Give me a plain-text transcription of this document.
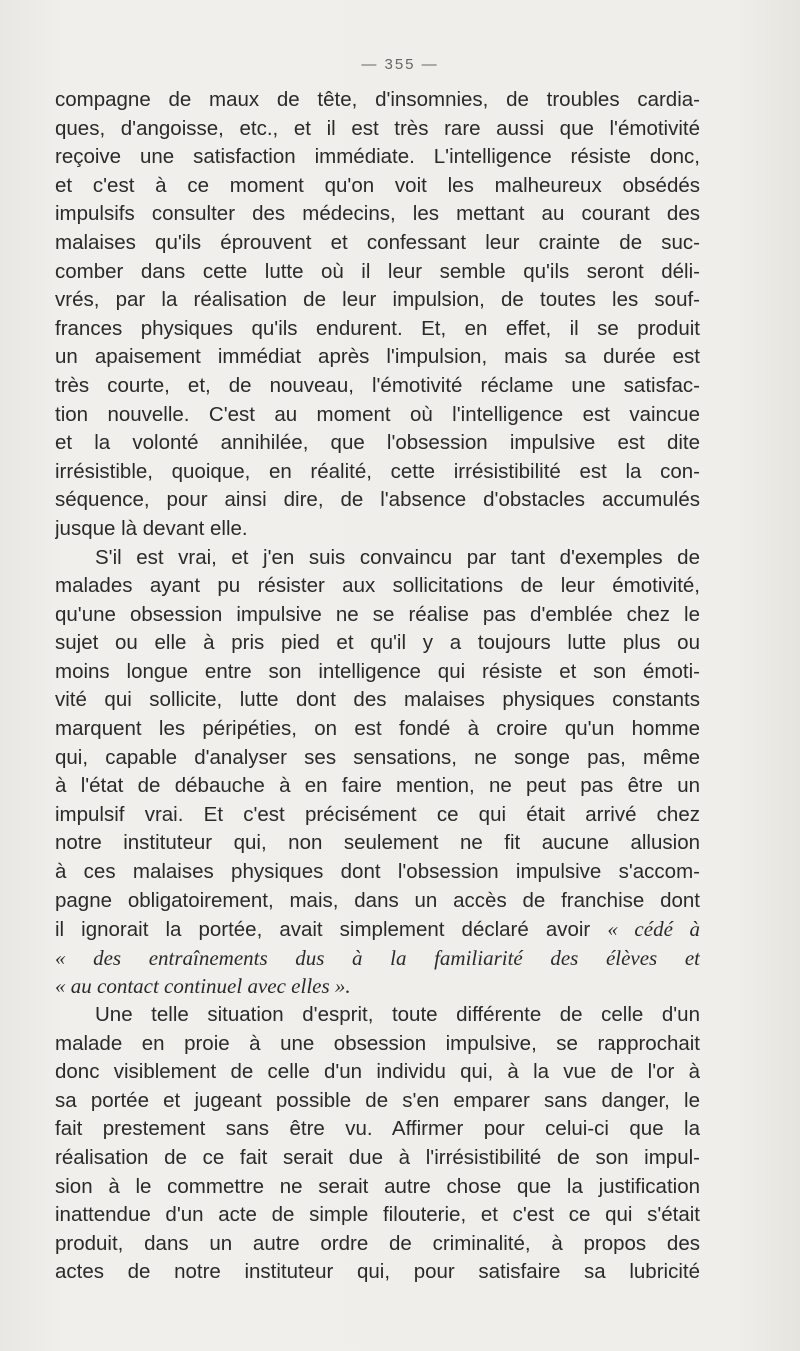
— 355 —
compagne de maux de tête, d'insomnies, de troubles cardia-
ques, d'angoisse, etc., et il est très rare aussi que l'émotivité
reçoive une satisfaction immédiate. L'intelligence résiste donc,
et c'est à ce moment qu'on voit les malheureux obsédés
impulsifs consulter des médecins, les mettant au courant des
malaises qu'ils éprouvent et confessant leur crainte de suc-
comber dans cette lutte où il leur semble qu'ils seront déli-
vrés, par la réalisation de leur impulsion, de toutes les souf-
frances physiques qu'ils endurent. Et, en effet, il se produit
un apaisement immédiat après l'impulsion, mais sa durée est
très courte, et, de nouveau, l'émotivité réclame une satisfac-
tion nouvelle. C'est au moment où l'intelligence est vaincue
et la volonté annihilée, que l'obsession impulsive est dite
irrésistible, quoique, en réalité, cette irrésistibilité est la con-
séquence, pour ainsi dire, de l'absence d'obstacles accumulés
jusque là devant elle.
S'il est vrai, et j'en suis convaincu par tant d'exemples de
malades ayant pu résister aux sollicitations de leur émotivité,
qu'une obsession impulsive ne se réalise pas d'emblée chez le
sujet ou elle à pris pied et qu'il y a toujours lutte plus ou
moins longue entre son intelligence qui résiste et son émoti-
vité qui sollicite, lutte dont des malaises physiques constants
marquent les péripéties, on est fondé à croire qu'un homme
qui, capable d'analyser ses sensations, ne songe pas, même
à l'état de débauche à en faire mention, ne peut pas être un
impulsif vrai. Et c'est précisément ce qui était arrivé chez
notre instituteur qui, non seulement ne fit aucune allusion
à ces malaises physiques dont l'obsession impulsive s'accom-
pagne obligatoirement, mais, dans un accès de franchise dont
il ignorait la portée, avait simplement déclaré avoir « cédé à
« des entraînements dus à la familiarité des élèves et
« au contact continuel avec elles ».
Une telle situation d'esprit, toute différente de celle d'un
malade en proie à une obsession impulsive, se rapprochait
donc visiblement de celle d'un individu qui, à la vue de l'or à
sa portée et jugeant possible de s'en emparer sans danger, le
fait prestement sans être vu. Affirmer pour celui-ci que la
réalisation de ce fait serait due à l'irrésistibilité de son impul-
sion à le commettre ne serait autre chose que la justification
inattendue d'un acte de simple filouterie, et c'est ce qui s'était
produit, dans un autre ordre de criminalité, à propos des
actes de notre instituteur qui, pour satisfaire sa lubricité
